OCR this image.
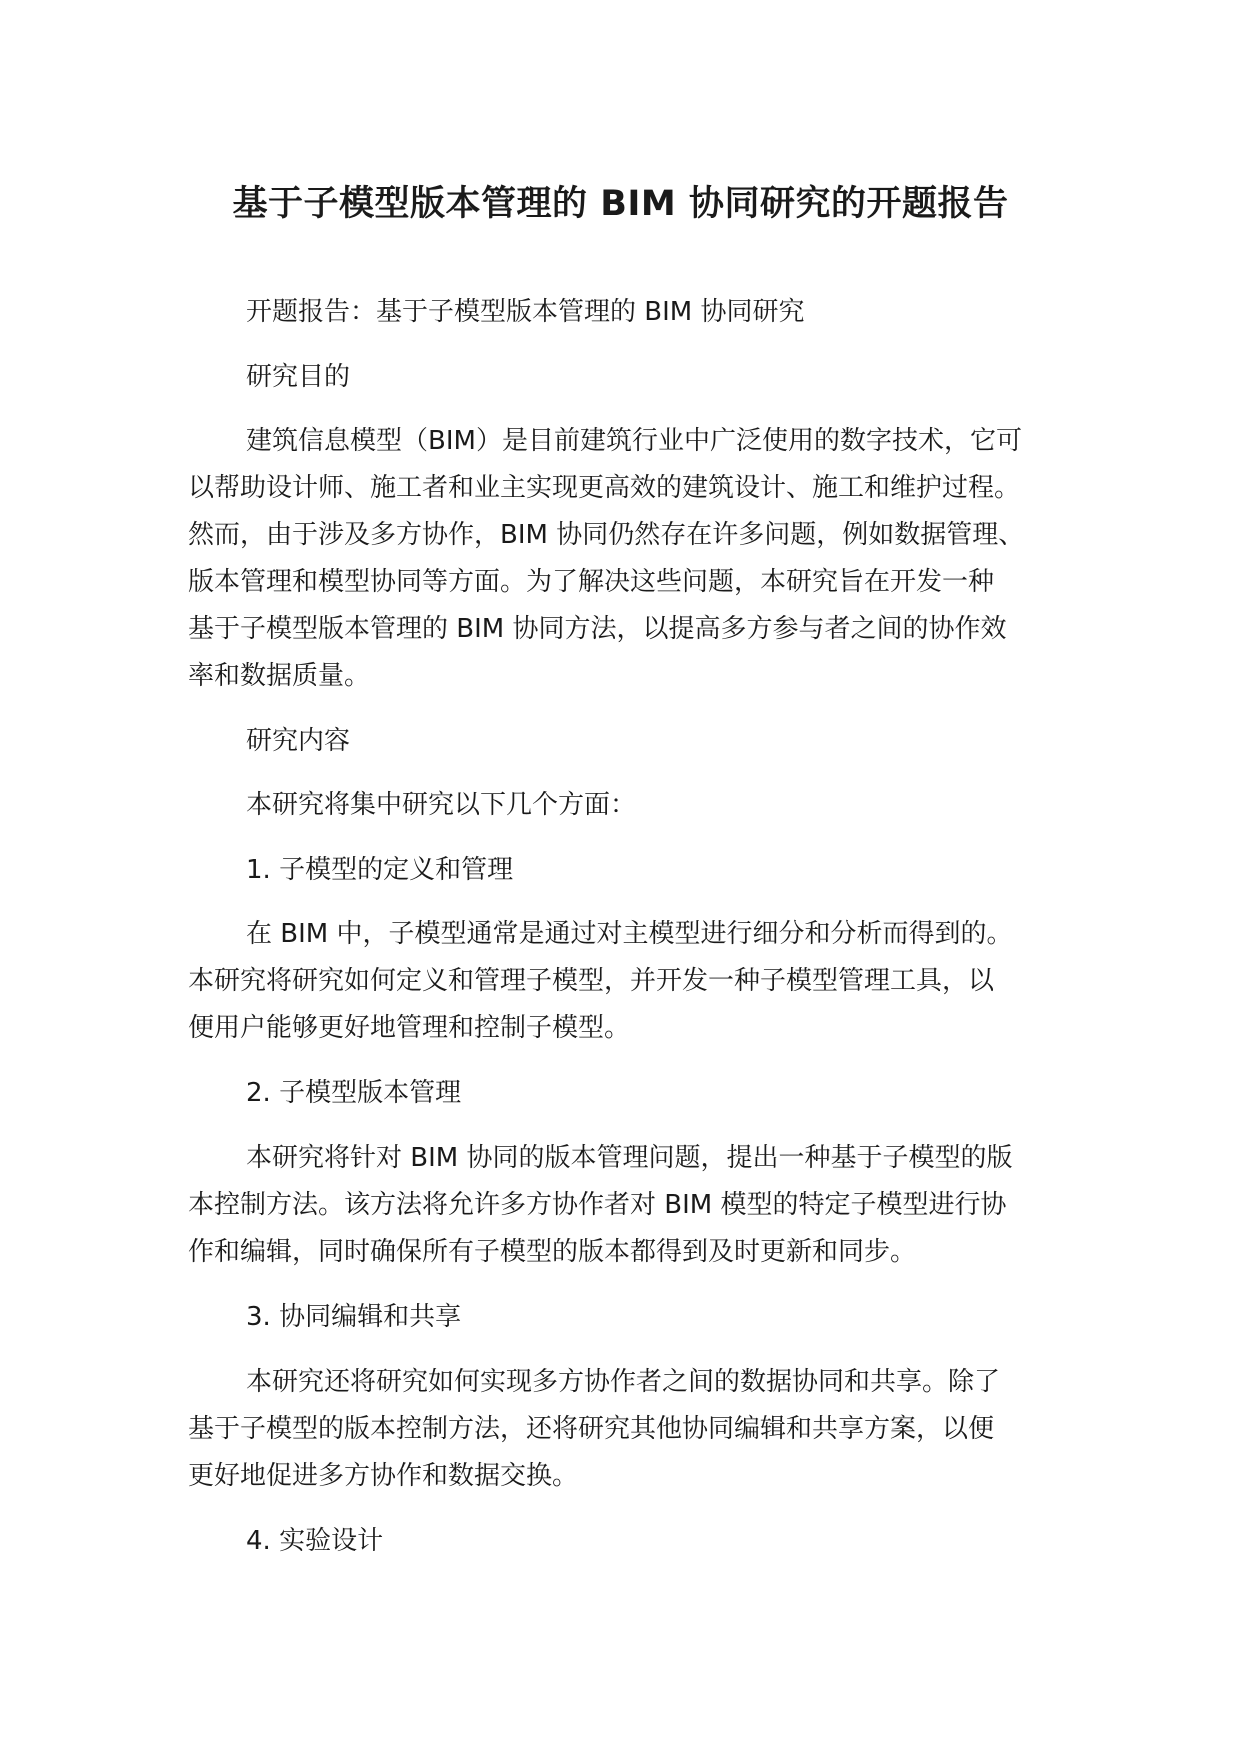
基于子模型版本管理的 BIM 协同研究的开题报告
开题报告：基于子模型版本管理的 BIM 协同研究
研究目的
建筑信息模型（BIM）是目前建筑行业中广泛使用的数字技术，它可
以帮助设计师、施工者和业主实现更高效的建筑设计、施工和维护过程。
然而，由于涉及多方协作，BIM 协同仍然存在许多问题，例如数据管理、
版本管理和模型协同等方面。为了解决这些问题，本研究旨在开发一种
基于子模型版本管理的 BIM 协同方法，以提高多方参与者之间的协作效
率和数据质量。
研究内容
本研究将集中研究以下几个方面：
1. 子模型的定义和管理
在 BIM 中，子模型通常是通过对主模型进行细分和分析而得到的。
本研究将研究如何定义和管理子模型，并开发一种子模型管理工具，以
便用户能够更好地管理和控制子模型。
2. 子模型版本管理
本研究将针对 BIM 协同的版本管理问题，提出一种基于子模型的版
本控制方法。该方法将允许多方协作者对 BIM 模型的特定子模型进行协
作和编辑，同时确保所有子模型的版本都得到及时更新和同步。
3. 协同编辑和共享
本研究还将研究如何实现多方协作者之间的数据协同和共享。除了
基于子模型的版本控制方法，还将研究其他协同编辑和共享方案，以便
更好地促进多方协作和数据交换。
4. 实验设计
